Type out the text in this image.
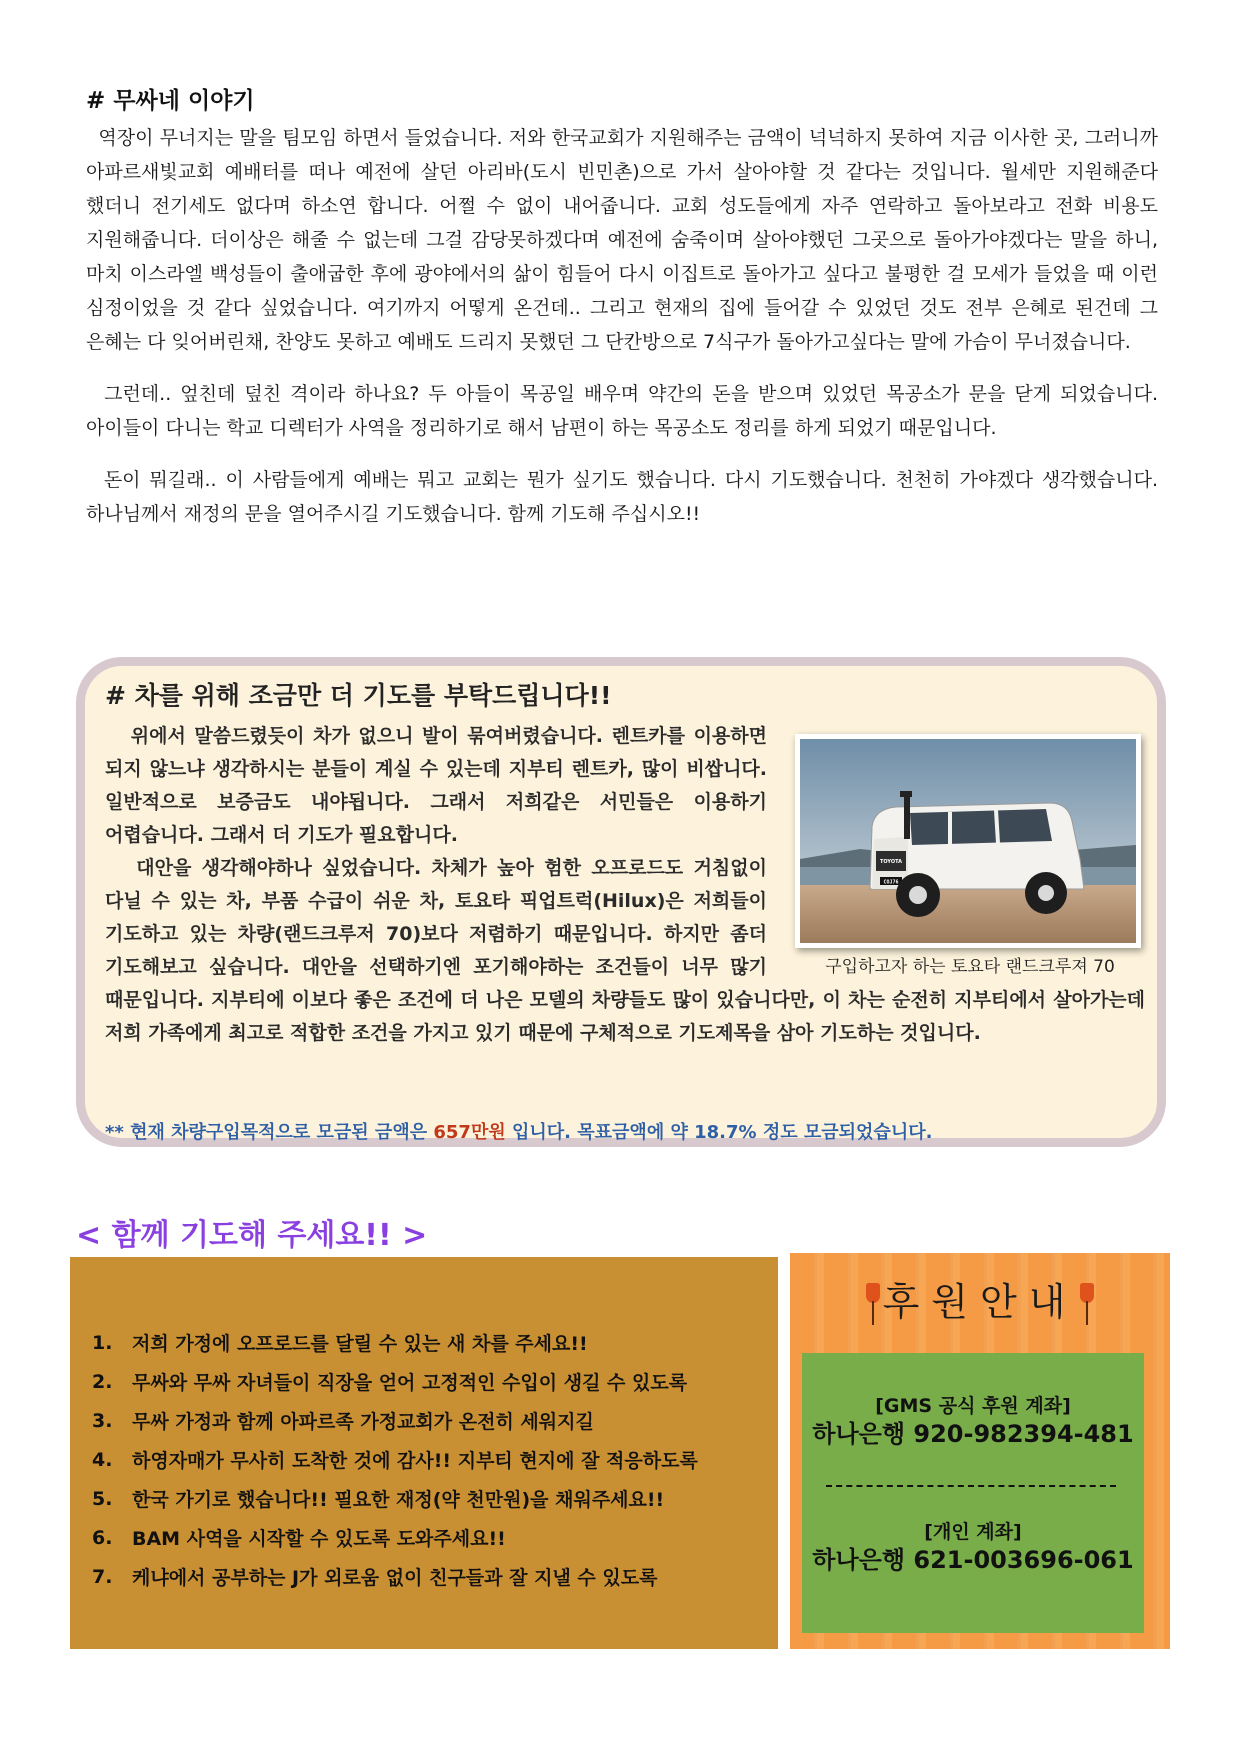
# 무싸네 이야기

역장이 무너지는 말을 팀모임 하면서 들었습니다. 저와 한국교회가 지원해주는 금액이 넉넉하지 못하여 지금 이사한 곳, 그러니까 아파르새빛교회 예배터를 떠나 예전에 살던 아리바(도시 빈민촌)으로 가서 살아야할 것 같다는 것입니다. 월세만 지원해준다 했더니 전기세도 없다며 하소연 합니다. 어쩔 수 없이 내어줍니다. 교회 성도들에게 자주 연락하고 돌아보라고 전화 비용도 지원해줍니다. 더이상은 해줄 수 없는데 그걸 감당못하겠다며 예전에 숨죽이며 살아야했던 그곳으로 돌아가야겠다는 말을 하니, 마치 이스라엘 백성들이 출애굽한 후에 광야에서의 삶이 힘들어 다시 이집트로 돌아가고 싶다고 불평한 걸 모세가 들었을 때 이런 심정이었을 것 같다 싶었습니다. 여기까지 어떻게 온건데.. 그리고 현재의 집에 들어갈 수 있었던 것도 전부 은혜로 된건데 그 은혜는 다 잊어버린채, 찬양도 못하고 예배도 드리지 못했던 그 단칸방으로 7식구가 돌아가고싶다는 말에 가슴이 무너졌습니다.

그런데.. 엎친데 덮친 격이라 하나요? 두 아들이 목공일 배우며 약간의 돈을 받으며 있었던 목공소가 문을 닫게 되었습니다. 아이들이 다니는 학교 디렉터가 사역을 정리하기로 해서 남편이 하는 목공소도 정리를 하게 되었기 때문입니다.

돈이 뭐길래.. 이 사람들에게 예배는 뭐고 교회는 뭔가 싶기도 했습니다. 다시 기도했습니다. 천천히 가야겠다 생각했습니다. 하나님께서 재정의 문을 열어주시길 기도했습니다. 함께 기도해 주십시오!!

# 차를 위해 조금만 더 기도를 부탁드립니다!!
TOYOTA
COJ76
구입하고자 하는 토요타 랜드크루져 70

위에서 말씀드렸듯이 차가 없으니 발이 묶여버렸습니다. 렌트카를 이용하면 되지 않느냐 생각하시는 분들이 계실 수 있는데 지부티 렌트카, 많이 비쌉니다. 일반적으로 보증금도 내야됩니다. 그래서 저희같은 서민들은 이용하기 어렵습니다. 그래서 더 기도가 필요합니다.

대안을 생각해야하나 싶었습니다. 차체가 높아 험한 오프로드도 거침없이 다닐 수 있는 차, 부품 수급이 쉬운 차, 토요타 픽업트럭(Hilux)은 저희들이 기도하고 있는 차량(랜드크루저 70)보다 저렴하기 때문입니다. 하지만 좀더 기도해보고 싶습니다. 대안을 선택하기엔 포기해야하는 조건들이 너무 많기 때문입니다. 지부티에 이보다 좋은 조건에 더 나은 모델의 차량들도 많이 있습니다만, 이 차는 순전히 지부티에서 살아가는데 저희 가족에게 최고로 적합한 조건을 가지고 있기 때문에 구체적으로 기도제목을 삼아 기도하는 것입니다.

** 현재 차량구입목적으로 모금된 금액은 657만원 입니다. 목표금액에 약 18.7% 정도 모금되었습니다.
< 함께 기도해 주세요!! >
1.	저희 가정에 오프로드를 달릴 수 있는 새 차를 주세요!!
2.	무싸와 무싸 자녀들이 직장을 얻어 고정적인 수입이 생길 수 있도록
3.	무싸 가정과 함께 아파르족 가정교회가 온전히 세워지길
4.	하영자매가 무사히 도착한 것에 감사!! 지부티 현지에 잘 적응하도록
5.	한국 가기로 했습니다!! 필요한 재정(약 천만원)을 채워주세요!!
6.	BAM 사역을 시작할 수 있도록 도와주세요!!
7.	케냐에서 공부하는 J가 외로움 없이 친구들과 잘 지낼 수 있도록
후원안내
[GMS 공식 후원 계좌]
하나은행 920-982394-481
[개인 계좌]
하나은행 621-003696-061
